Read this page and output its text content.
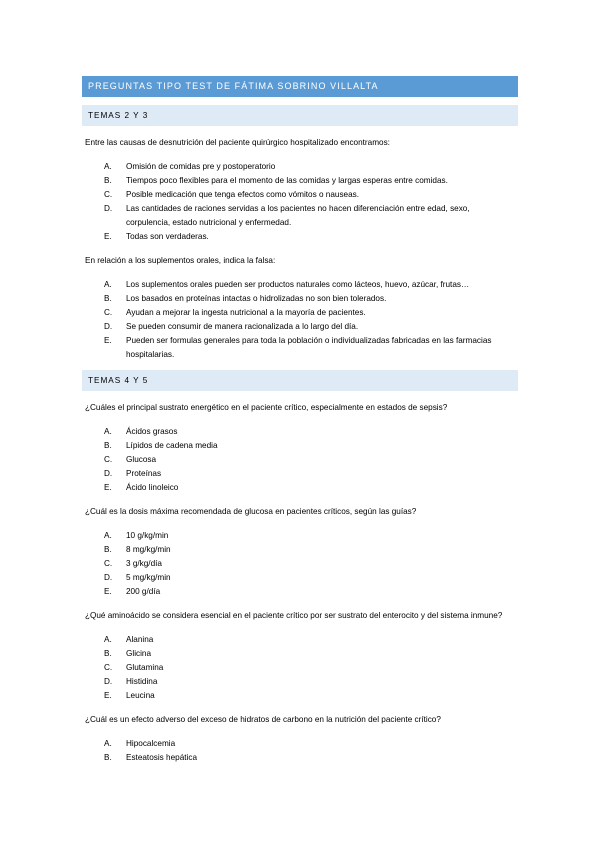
PREGUNTAS TIPO TEST DE FÁTIMA SOBRINO VILLALTA
TEMAS 2 Y 3

Entre las causas de desnutrición del paciente quirúrgico hospitalizado encontramos:

A.	Omisión de comidas pre y postoperatorio
B.	Tiempos poco flexibles para el momento de las comidas y largas esperas entre comidas.
C.	Posible medicación que tenga efectos como vómitos o nauseas.
D.	Las cantidades de raciones servidas a los pacientes no hacen diferenciación entre edad, sexo, corpulencia, estado nutricional y enfermedad.
E.	Todas son verdaderas.

En relación a los suplementos orales, indica la falsa:

A.	Los suplementos orales pueden ser productos naturales como lácteos, huevo, azúcar, frutas…
B.	Los basados en proteínas intactas o hidrolizadas no son bien tolerados.
C.	Ayudan a mejorar la ingesta nutricional a la mayoría de pacientes.
D.	Se pueden consumir de manera racionalizada a lo largo del día.
E.	Pueden ser formulas generales para toda la población o individualizadas fabricadas en las farmacias hospitalarias.
TEMAS 4 Y 5

¿Cuáles el principal sustrato energético en el paciente crítico, especialmente en estados de sepsis?

A.	Ácidos grasos
B.	Lípidos de cadena media
C.	Glucosa
D.	Proteínas
E.	Ácido linoleico

¿Cuál es la dosis máxima recomendada de glucosa en pacientes críticos, según las guías?

A.	10 g/kg/min
B.	8 mg/kg/min
C.	3 g/kg/día
D.	5 mg/kg/min
E.	200 g/día

¿Qué aminoácido se considera esencial en el paciente crítico por ser sustrato del enterocito y del sistema inmune?

A.	Alanina
B.	Glicina
C.	Glutamina
D.	Histidina
E.	Leucina

¿Cuál es un efecto adverso del exceso de hidratos de carbono en la nutrición del paciente crítico?

A.	Hipocalcemia
B.	Esteatosis hepática
